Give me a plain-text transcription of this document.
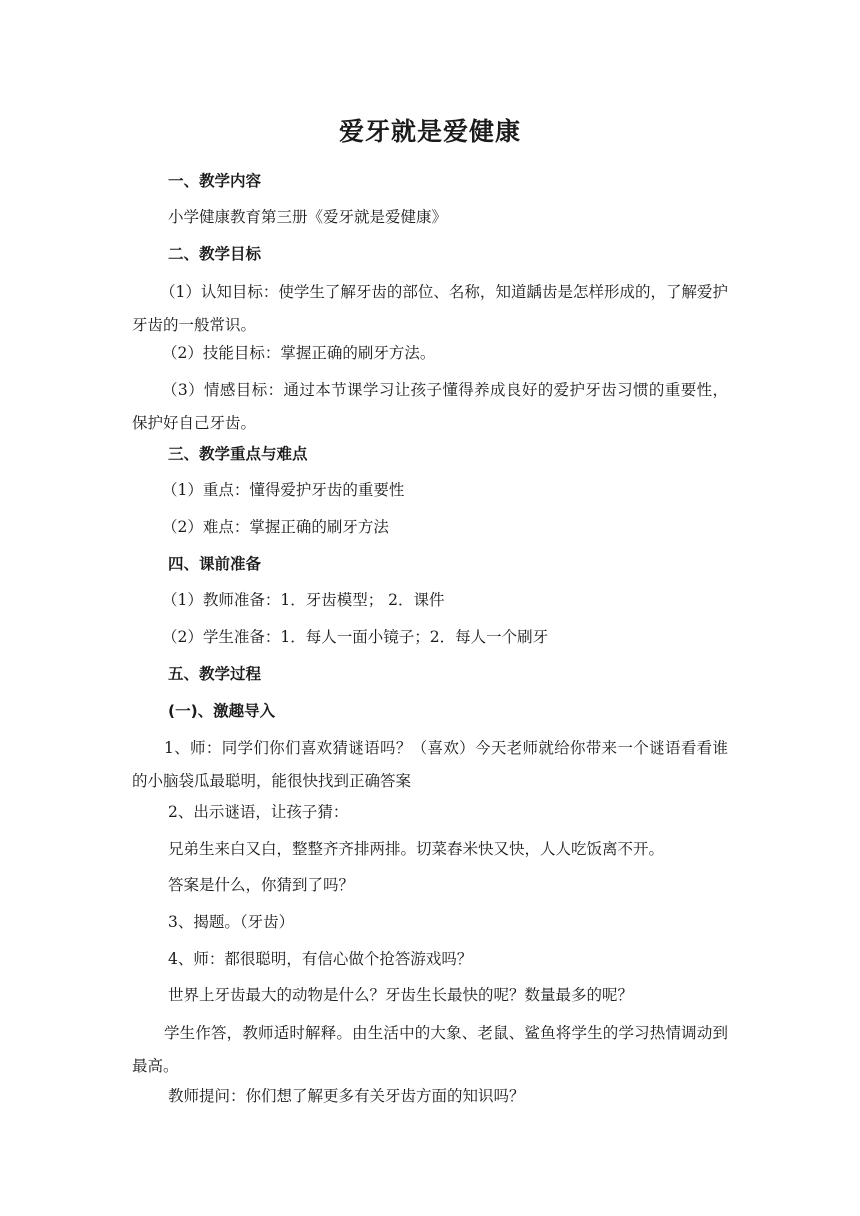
爱牙就是爱健康
一、教学内容
小学健康教育第三册《爱牙就是爱健康》
二、教学目标
（1）认知目标：使学生了解牙齿的部位、名称，知道龋齿是怎样形成的，了解爱护牙齿的一般常识。
（2）技能目标：掌握正确的刷牙方法。
（3）情感目标：通过本节课学习让孩子懂得养成良好的爱护牙齿习惯的重要性，保护好自己牙齿。
三、教学重点与难点
（1）重点：懂得爱护牙齿的重要性
（2）难点：掌握正确的刷牙方法
四、课前准备
（1）教师准备：1．牙齿模型； 2．课件
（2）学生准备：1．每人一面小镜子；2．每人一个刷牙
五、教学过程
(一)、激趣导入
1、师：同学们你们喜欢猜谜语吗？（喜欢）今天老师就给你带来一个谜语看看谁的小脑袋瓜最聪明，能很快找到正确答案
2、出示谜语，让孩子猜：
兄弟生来白又白，整整齐齐排两排。切菜舂米快又快，人人吃饭离不开。
答案是什么，你猜到了吗？
3、揭题。（牙齿）
4、师：都很聪明，有信心做个抢答游戏吗？
世界上牙齿最大的动物是什么？牙齿生长最快的呢？数量最多的呢？
学生作答，教师适时解释。由生活中的大象、老鼠、鲨鱼将学生的学习热情调动到最高。
教师提问：你们想了解更多有关牙齿方面的知识吗？
